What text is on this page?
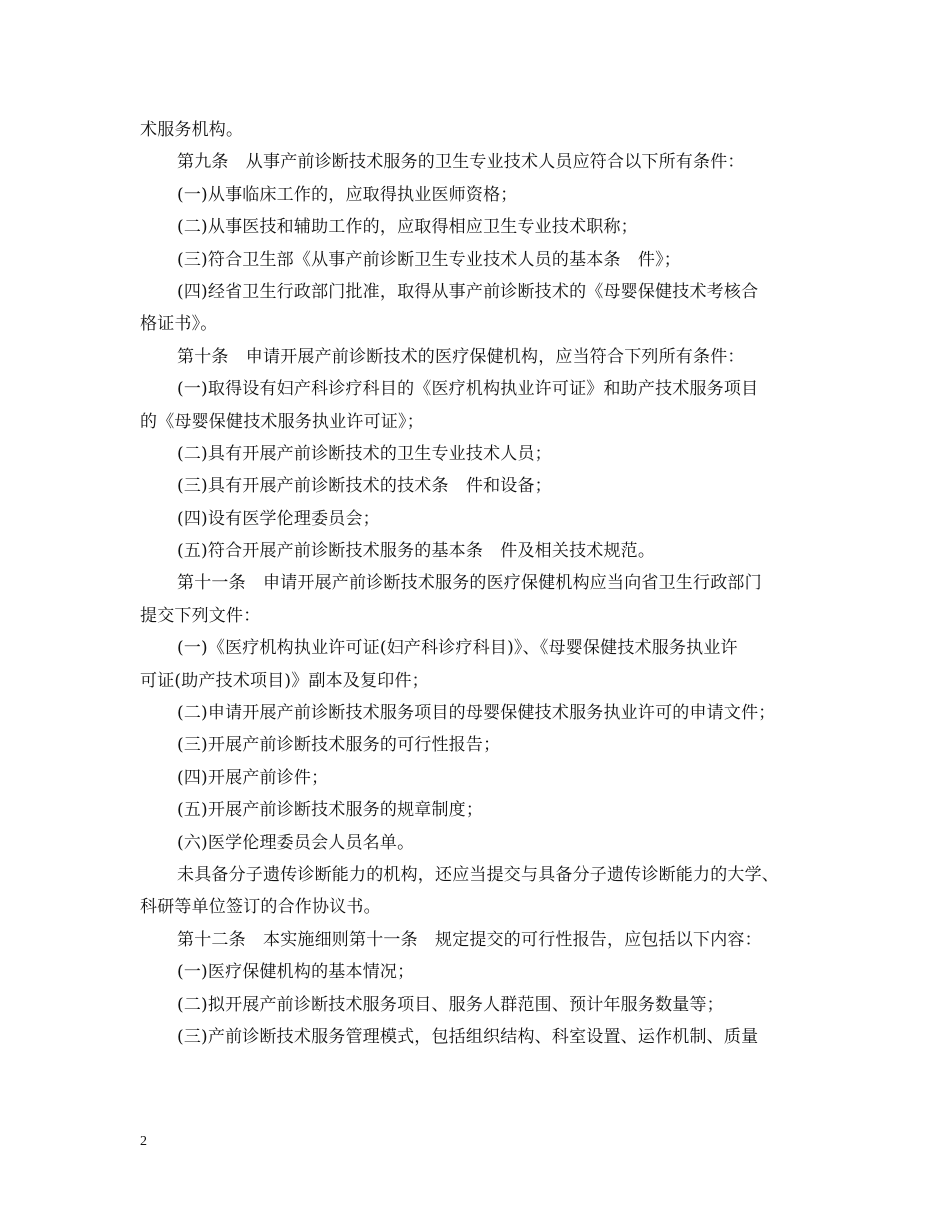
术服务机构。
第九条　从事产前诊断技术服务的卫生专业技术人员应符合以下所有条件：
(一)从事临床工作的，应取得执业医师资格；
(二)从事医技和辅助工作的，应取得相应卫生专业技术职称；
(三)符合卫生部《从事产前诊断卫生专业技术人员的基本条　件》；
(四)经省卫生行政部门批准，取得从事产前诊断技术的《母婴保健技术考核合
格证书》。
第十条　申请开展产前诊断技术的医疗保健机构，应当符合下列所有条件：
(一)取得设有妇产科诊疗科目的《医疗机构执业许可证》和助产技术服务项目
的《母婴保健技术服务执业许可证》；
(二)具有开展产前诊断技术的卫生专业技术人员；
(三)具有开展产前诊断技术的技术条　件和设备；
(四)设有医学伦理委员会；
(五)符合开展产前诊断技术服务的基本条　件及相关技术规范。
第十一条　申请开展产前诊断技术服务的医疗保健机构应当向省卫生行政部门
提交下列文件：
(一)《医疗机构执业许可证(妇产科诊疗科目)》、《母婴保健技术服务执业许
可证(助产技术项目)》副本及复印件；
(二)申请开展产前诊断技术服务项目的母婴保健技术服务执业许可的申请文件；
(三)开展产前诊断技术服务的可行性报告；
(四)开展产前诊件；
(五)开展产前诊断技术服务的规章制度；
(六)医学伦理委员会人员名单。
未具备分子遗传诊断能力的机构，还应当提交与具备分子遗传诊断能力的大学、
科研等单位签订的合作协议书。
第十二条　本实施细则第十一条　规定提交的可行性报告，应包括以下内容：
(一)医疗保健机构的基本情况；
(二)拟开展产前诊断技术服务项目、服务人群范围、预计年服务数量等；
(三)产前诊断技术服务管理模式，包括组织结构、科室设置、运作机制、质量
2
